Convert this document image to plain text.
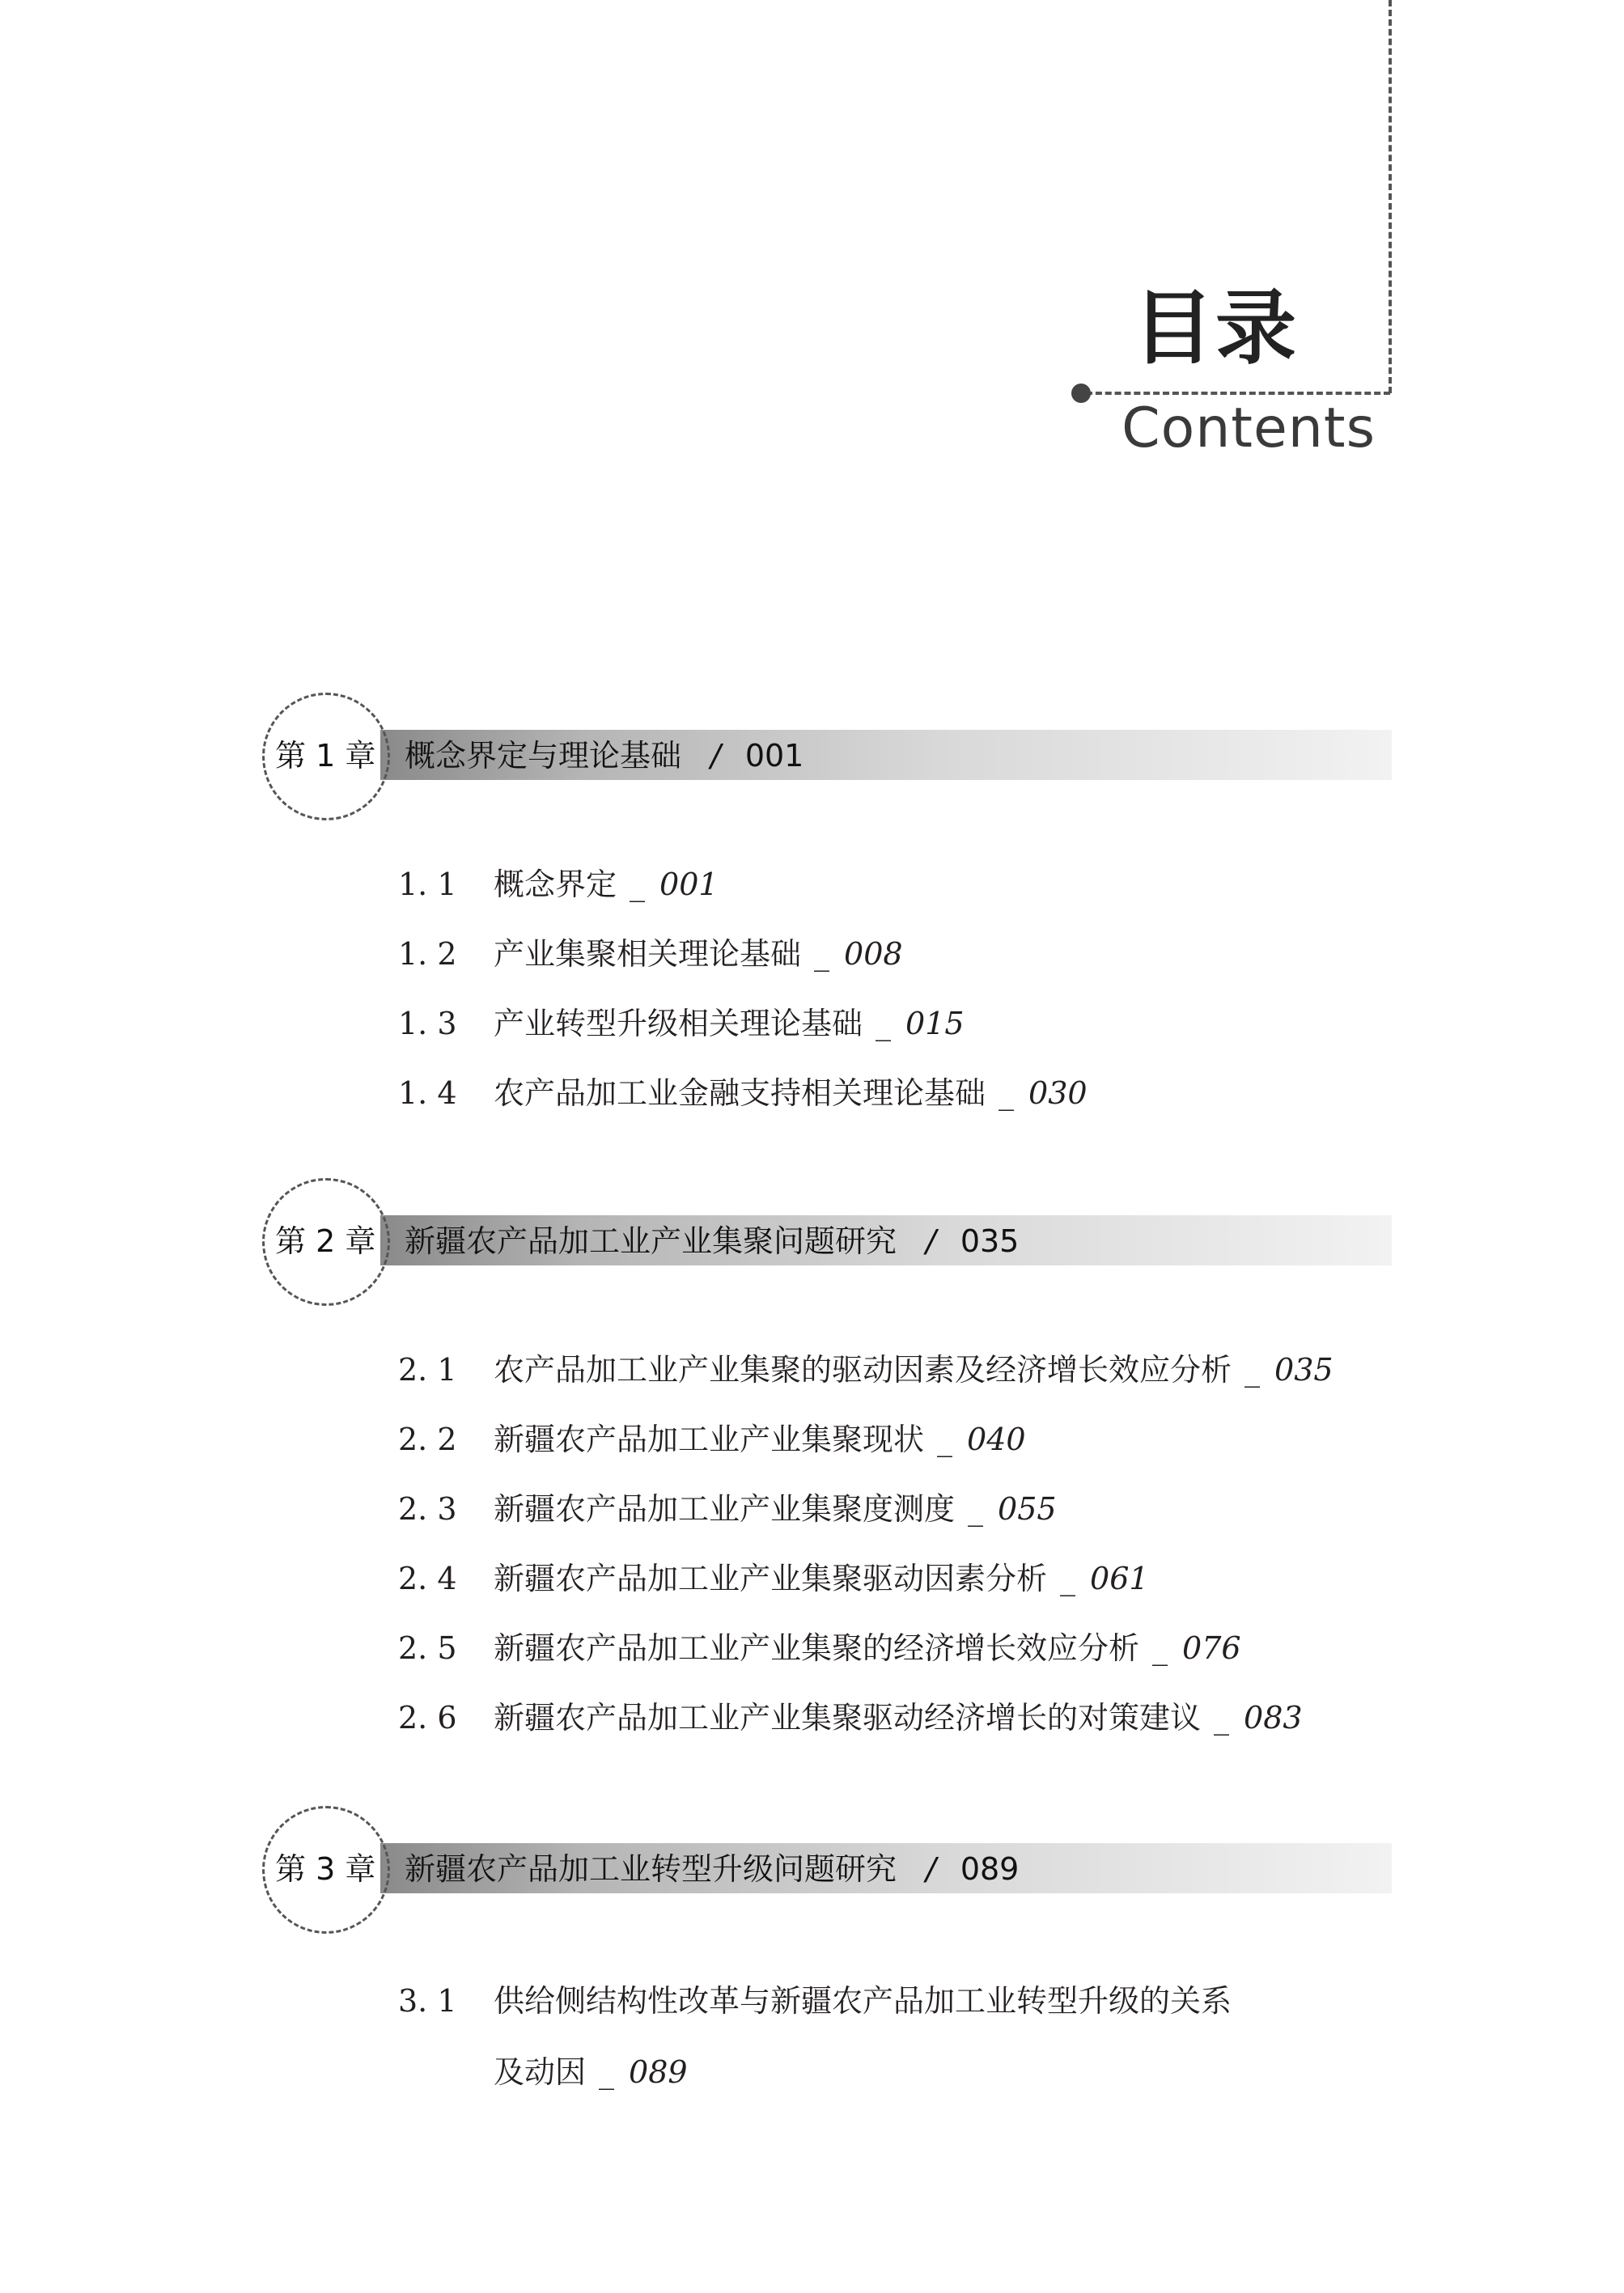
目录
Contents
第 1 章 概念界定与理论基础 / 001
1. 1 概念界定 _ 001
1. 2 产业集聚相关理论基础 _ 008
1. 3 产业转型升级相关理论基础 _ 015
1. 4 农产品加工业金融支持相关理论基础 _ 030
第 2 章 新疆农产品加工业产业集聚问题研究 / 035
2. 1 农产品加工业产业集聚的驱动因素及经济增长效应分析 _ 035
2. 2 新疆农产品加工业产业集聚现状 _ 040
2. 3 新疆农产品加工业产业集聚度测度 _ 055
2. 4 新疆农产品加工业产业集聚驱动因素分析 _ 061
2. 5 新疆农产品加工业产业集聚的经济增长效应分析 _ 076
2. 6 新疆农产品加工业产业集聚驱动经济增长的对策建议 _ 083
第 3 章 新疆农产品加工业转型升级问题研究 / 089
3. 1 供给侧结构性改革与新疆农产品加工业转型升级的关系
及动因 _ 089
